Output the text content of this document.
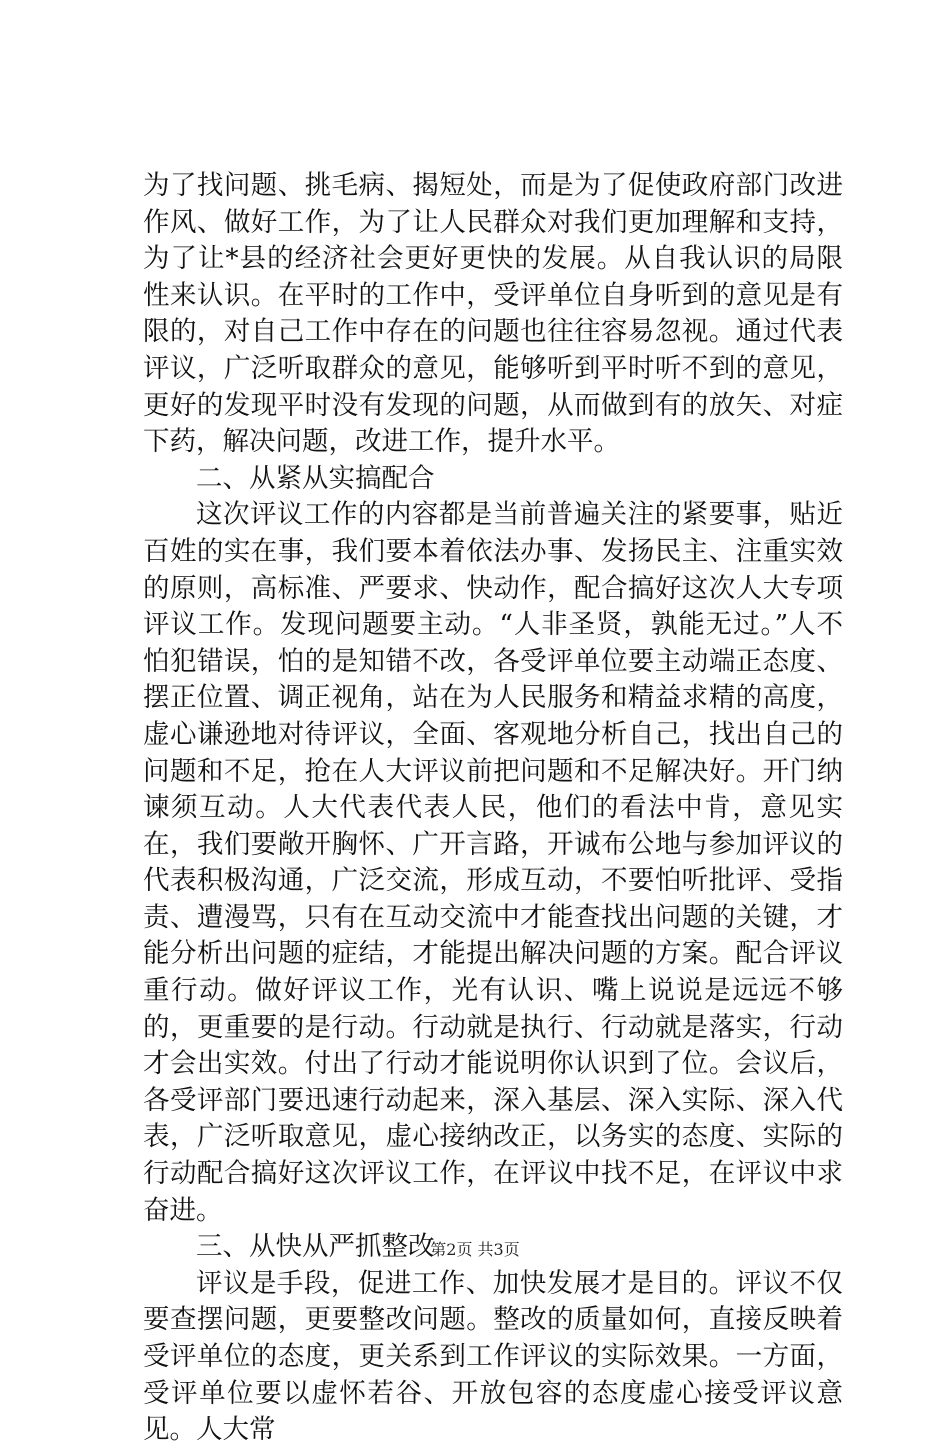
为了找问题、挑毛病、揭短处，而是为了促使政府部门改进作风、做好工作，为了让人民群众对我们更加理解和支持，为了让*县的经济社会更好更快的发展。从自我认识的局限性来认识。在平时的工作中，受评单位自身听到的意见是有限的，对自己工作中存在的问题也往往容易忽视。通过代表评议，广泛听取群众的意见，能够听到平时听不到的意见，更好的发现平时没有发现的问题，从而做到有的放矢、对症下药，解决问题，改进工作，提升水平。

二、从紧从实搞配合

这次评议工作的内容都是当前普遍关注的紧要事，贴近百姓的实在事，我们要本着依法办事、发扬民主、注重实效的原则，高标准、严要求、快动作，配合搞好这次人大专项评议工作。发现问题要主动。“人非圣贤，孰能无过。”人不怕犯错误，怕的是知错不改，各受评单位要主动端正态度、摆正位置、调正视角，站在为人民服务和精益求精的高度，虚心谦逊地对待评议，全面、客观地分析自己，找出自己的问题和不足，抢在人大评议前把问题和不足解决好。开门纳谏须互动。人大代表代表人民，他们的看法中肯，意见实在，我们要敞开胸怀、广开言路，开诚布公地与参加评议的代表积极沟通，广泛交流，形成互动，不要怕听批评、受指责、遭漫骂，只有在互动交流中才能查找出问题的关键，才能分析出问题的症结，才能提出解决问题的方案。配合评议重行动。做好评议工作，光有认识、嘴上说说是远远不够的，更重要的是行动。行动就是执行、行动就是落实，行动才会出实效。付出了行动才能说明你认识到了位。会议后，各受评部门要迅速行动起来，深入基层、深入实际、深入代表，广泛听取意见，虚心接纳改正，以务实的态度、实际的行动配合搞好这次评议工作，在评议中找不足，在评议中求奋进。

三、从快从严抓整改

评议是手段，促进工作、加快发展才是目的。评议不仅要查摆问题，更要整改问题。整改的质量如何，直接反映着受评单位的态度，更关系到工作评议的实际效果。一方面，受评单位要以虚怀若谷、开放包容的态度虚心接受评议意见。人大常

第2页 共3页
